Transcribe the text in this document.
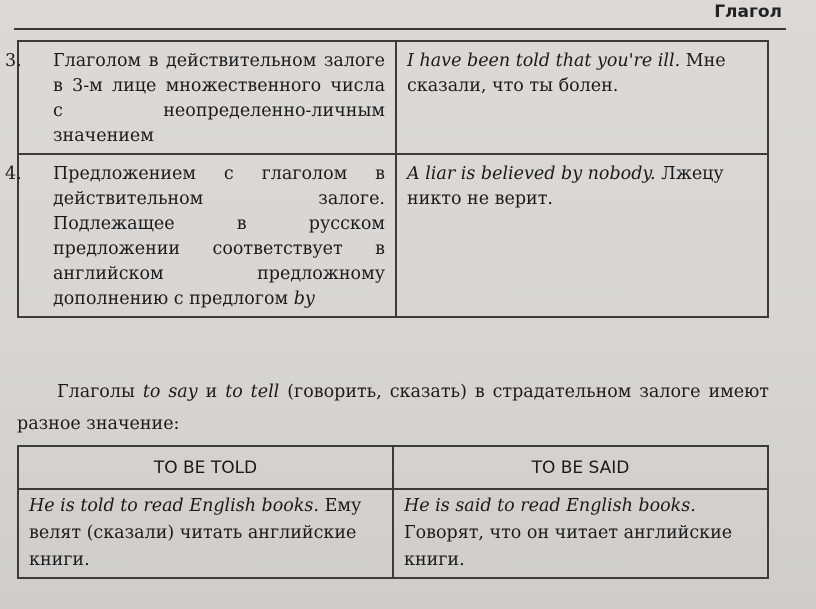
Глагол
3. Глаголом в действительном залоге в 3-м лице множественного числа с неопределенно-личным значением	I have been told that you're ill. Мне сказали, что ты болен.

4. Предложением с глаголом в действительном залоге. Подлежащее в русском предложении соответствует в английском предложному дополнению с предлогом by	A liar is believed by nobody. Лжецу никто не верит.
Глаголы to say и to tell (говорить, сказать) в страдательном залоге имеют разное значение:
TO BE TOLD	TO BE SAID
He is told to read English books. Ему велят (сказали) читать английские книги.	He is said to read English books. Говорят, что он читает английские книги.
